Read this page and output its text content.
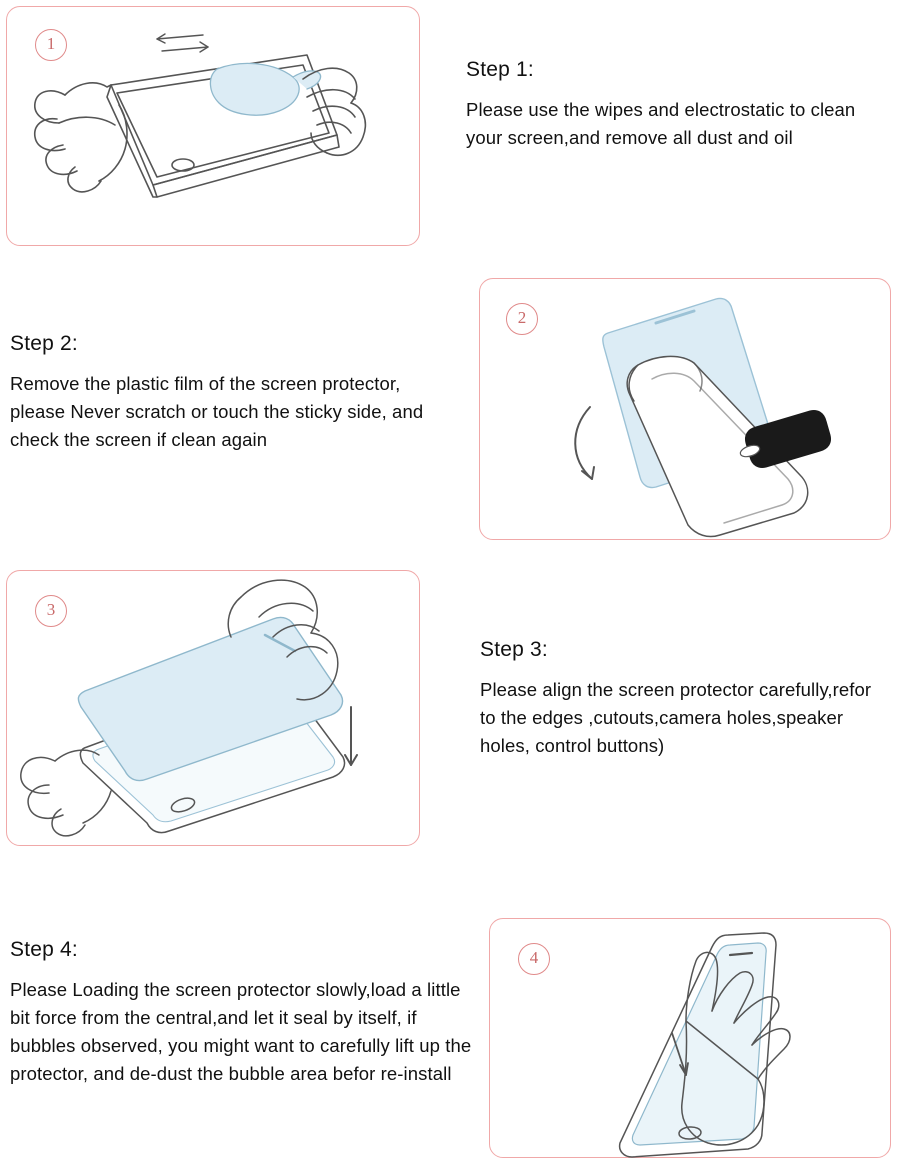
1

Step 1:

Please use the wipes and electrostatic to clean your screen,and remove all dust and oil

2

Step 2:

Remove the plastic film of the screen protector, please Never scratch or touch the sticky side, and check the screen if clean again

3

Step 3:

Please align the screen protector carefully,refor to the edges ,cutouts,camera holes,speaker holes, control buttons)

4

Step 4:

Please Loading the screen protector slowly,load a little bit force from the central,and let it seal by itself, if bubbles observed, you might want to carefully lift up the protector, and de-dust the bubble area befor re-install
